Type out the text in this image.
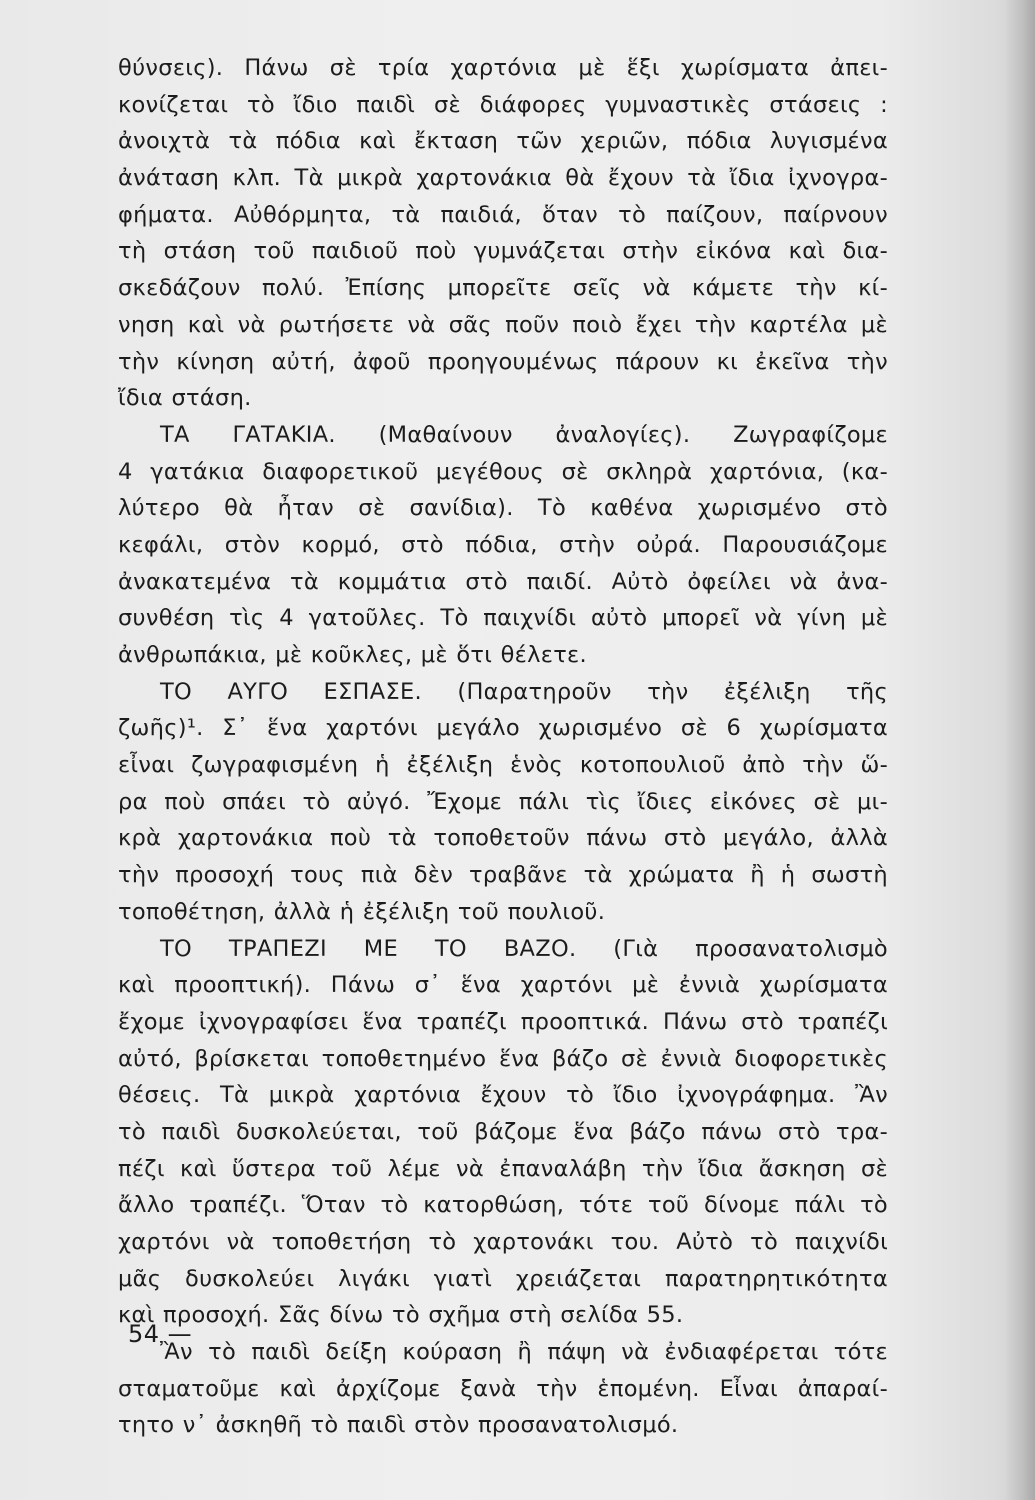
θύνσεις). Πάνω σὲ τρία χαρτόνια μὲ ἕξι χωρίσματα ἀπει-
κονίζεται τὸ ἴδιο παιδὶ σὲ διάφορες γυμναστικὲς στάσεις :
ἀνοιχτὰ τὰ πόδια καὶ ἔκταση τῶν χεριῶν, πόδια λυγισμένα
ἀνάταση κλπ. Τὰ μικρὰ χαρτονάκια θὰ ἔχουν τὰ ἴδια ἰχνογρα-
φήματα. Αὐθόρμητα, τὰ παιδιά, ὅταν τὸ παίζουν, παίρνουν
τὴ στάση τοῦ παιδιοῦ ποὺ γυμνάζεται στὴν εἰκόνα καὶ δια-
σκεδάζουν πολύ. Ἐπίσης μπορεῖτε σεῖς νὰ κάμετε τὴν κί-
νηση καὶ νὰ ρωτήσετε νὰ σᾶς ποῦν ποιὸ ἔχει τὴν καρτέλα μὲ
τὴν κίνηση αὐτή, ἀφοῦ προηγουμένως πάρουν κι ἐκεῖνα τὴν
ἴδια στάση.
ΤΑ ΓΑΤΑΚΙΑ. (Μαθαίνουν ἀναλογίες). Ζωγραφίζομε
4 γατάκια διαφορετικοῦ μεγέθους σὲ σκληρὰ χαρτόνια, (κα-
λύτερο θὰ ἦταν σὲ σανίδια). Τὸ καθένα χωρισμένο στὸ
κεφάλι, στὸν κορμό, στὸ πόδια, στὴν οὐρά. Παρουσιάζομε
ἀνακατεμένα τὰ κομμάτια στὸ παιδί. Αὐτὸ ὀφείλει νὰ ἀνα-
συνθέση τὶς 4 γατοῦλες. Τὸ παιχνίδι αὐτὸ μπορεῖ νὰ γίνη μὲ
ἀνθρωπάκια, μὲ κοῦκλες, μὲ ὅτι θέλετε.
ΤΟ ΑΥΓΟ ΕΣΠΑΣΕ. (Παρατηροῦν τὴν ἐξέλιξη τῆς
ζωῆς)¹. Σ᾿ ἕνα χαρτόνι μεγάλο χωρισμένο σὲ 6 χωρίσματα
εἶναι ζωγραφισμένη ἡ ἐξέλιξη ἑνὸς κοτοπουλιοῦ ἀπὸ τὴν ὥ-
ρα ποὺ σπάει τὸ αὐγό. Ἔχομε πάλι τὶς ἴδιες εἰκόνες σὲ μι-
κρὰ χαρτονάκια ποὺ τὰ τοποθετοῦν πάνω στὸ μεγάλο, ἀλλὰ
τὴν προσοχή τους πιὰ δὲν τραβᾶνε τὰ χρώματα ἢ ἡ σωστὴ
τοποθέτηση, ἀλλὰ ἡ ἐξέλιξη τοῦ πουλιοῦ.
ΤΟ ΤΡΑΠΕΖΙ ΜΕ ΤΟ ΒΑΖΟ. (Γιὰ προσανατολισμὸ
καὶ προοπτική). Πάνω σ᾿ ἕνα χαρτόνι μὲ ἐννιὰ χωρίσματα
ἔχομε ἰχνογραφίσει ἕνα τραπέζι προοπτικά. Πάνω στὸ τραπέζι
αὐτό, βρίσκεται τοποθετημένο ἕνα βάζο σὲ ἐννιὰ διοφορετικὲς
θέσεις. Τὰ μικρὰ χαρτόνια ἔχουν τὸ ἴδιο ἰχνογράφημα. Ἂν
τὸ παιδὶ δυσκολεύεται, τοῦ βάζομε ἕνα βάζο πάνω στὸ τρα-
πέζι καὶ ὕστερα τοῦ λέμε νὰ ἐπαναλάβη τὴν ἴδια ἄσκηση σὲ
ἄλλο τραπέζι. Ὅταν τὸ κατορθώση, τότε τοῦ δίνομε πάλι τὸ
χαρτόνι νὰ τοποθετήση τὸ χαρτονάκι του. Αὐτὸ τὸ παιχνίδι
μᾶς δυσκολεύει λιγάκι γιατὶ χρειάζεται παρατηρητικότητα
καὶ προσοχή. Σᾶς δίνω τὸ σχῆμα στὴ σελίδα 55.
Ἂν τὸ παιδὶ δείξη κούραση ἢ πάψη νὰ ἐνδιαφέρεται τότε
σταματοῦμε καὶ ἀρχίζομε ξανὰ τὴν ἑπομένη. Εἶναι ἀπαραί-
τητο ν᾿ ἀσκηθῆ τὸ παιδὶ στὸν προσανατολισμό.
54 —
